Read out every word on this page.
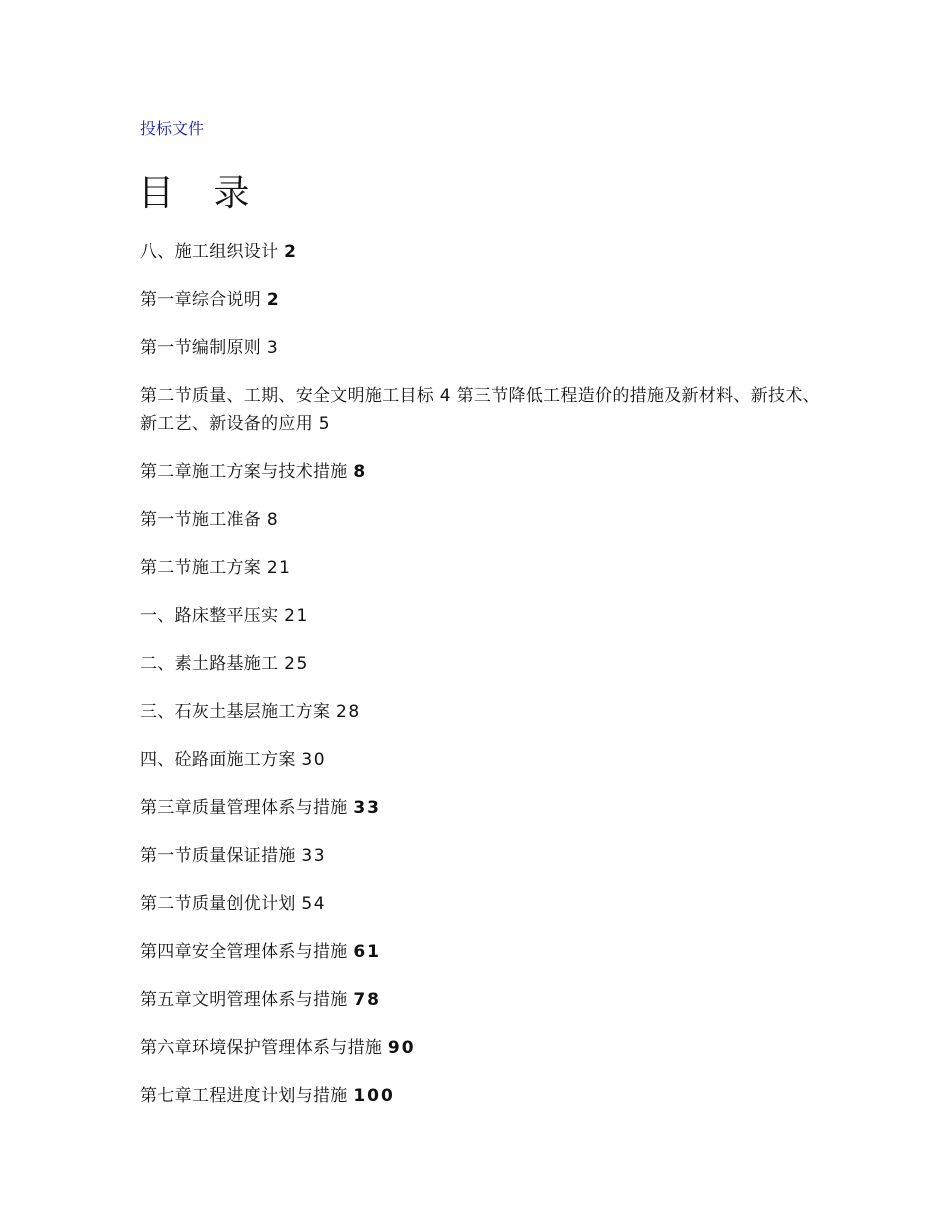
投标文件
目 录
八、施工组织设计 2
第一章综合说明 2
第一节编制原则 3
第二节质量、工期、安全文明施工目标 4 第三节降低工程造价的措施及新材料、新技术、新工艺、新设备的应用 5
第二章施工方案与技术措施 8
第一节施工准备 8
第二节施工方案 21
一、路床整平压实 21
二、素土路基施工 25
三、石灰土基层施工方案 28
四、砼路面施工方案 30
第三章质量管理体系与措施 33
第一节质量保证措施 33
第二节质量创优计划 54
第四章安全管理体系与措施 61
第五章文明管理体系与措施 78
第六章环境保护管理体系与措施 90
第七章工程进度计划与措施 100
